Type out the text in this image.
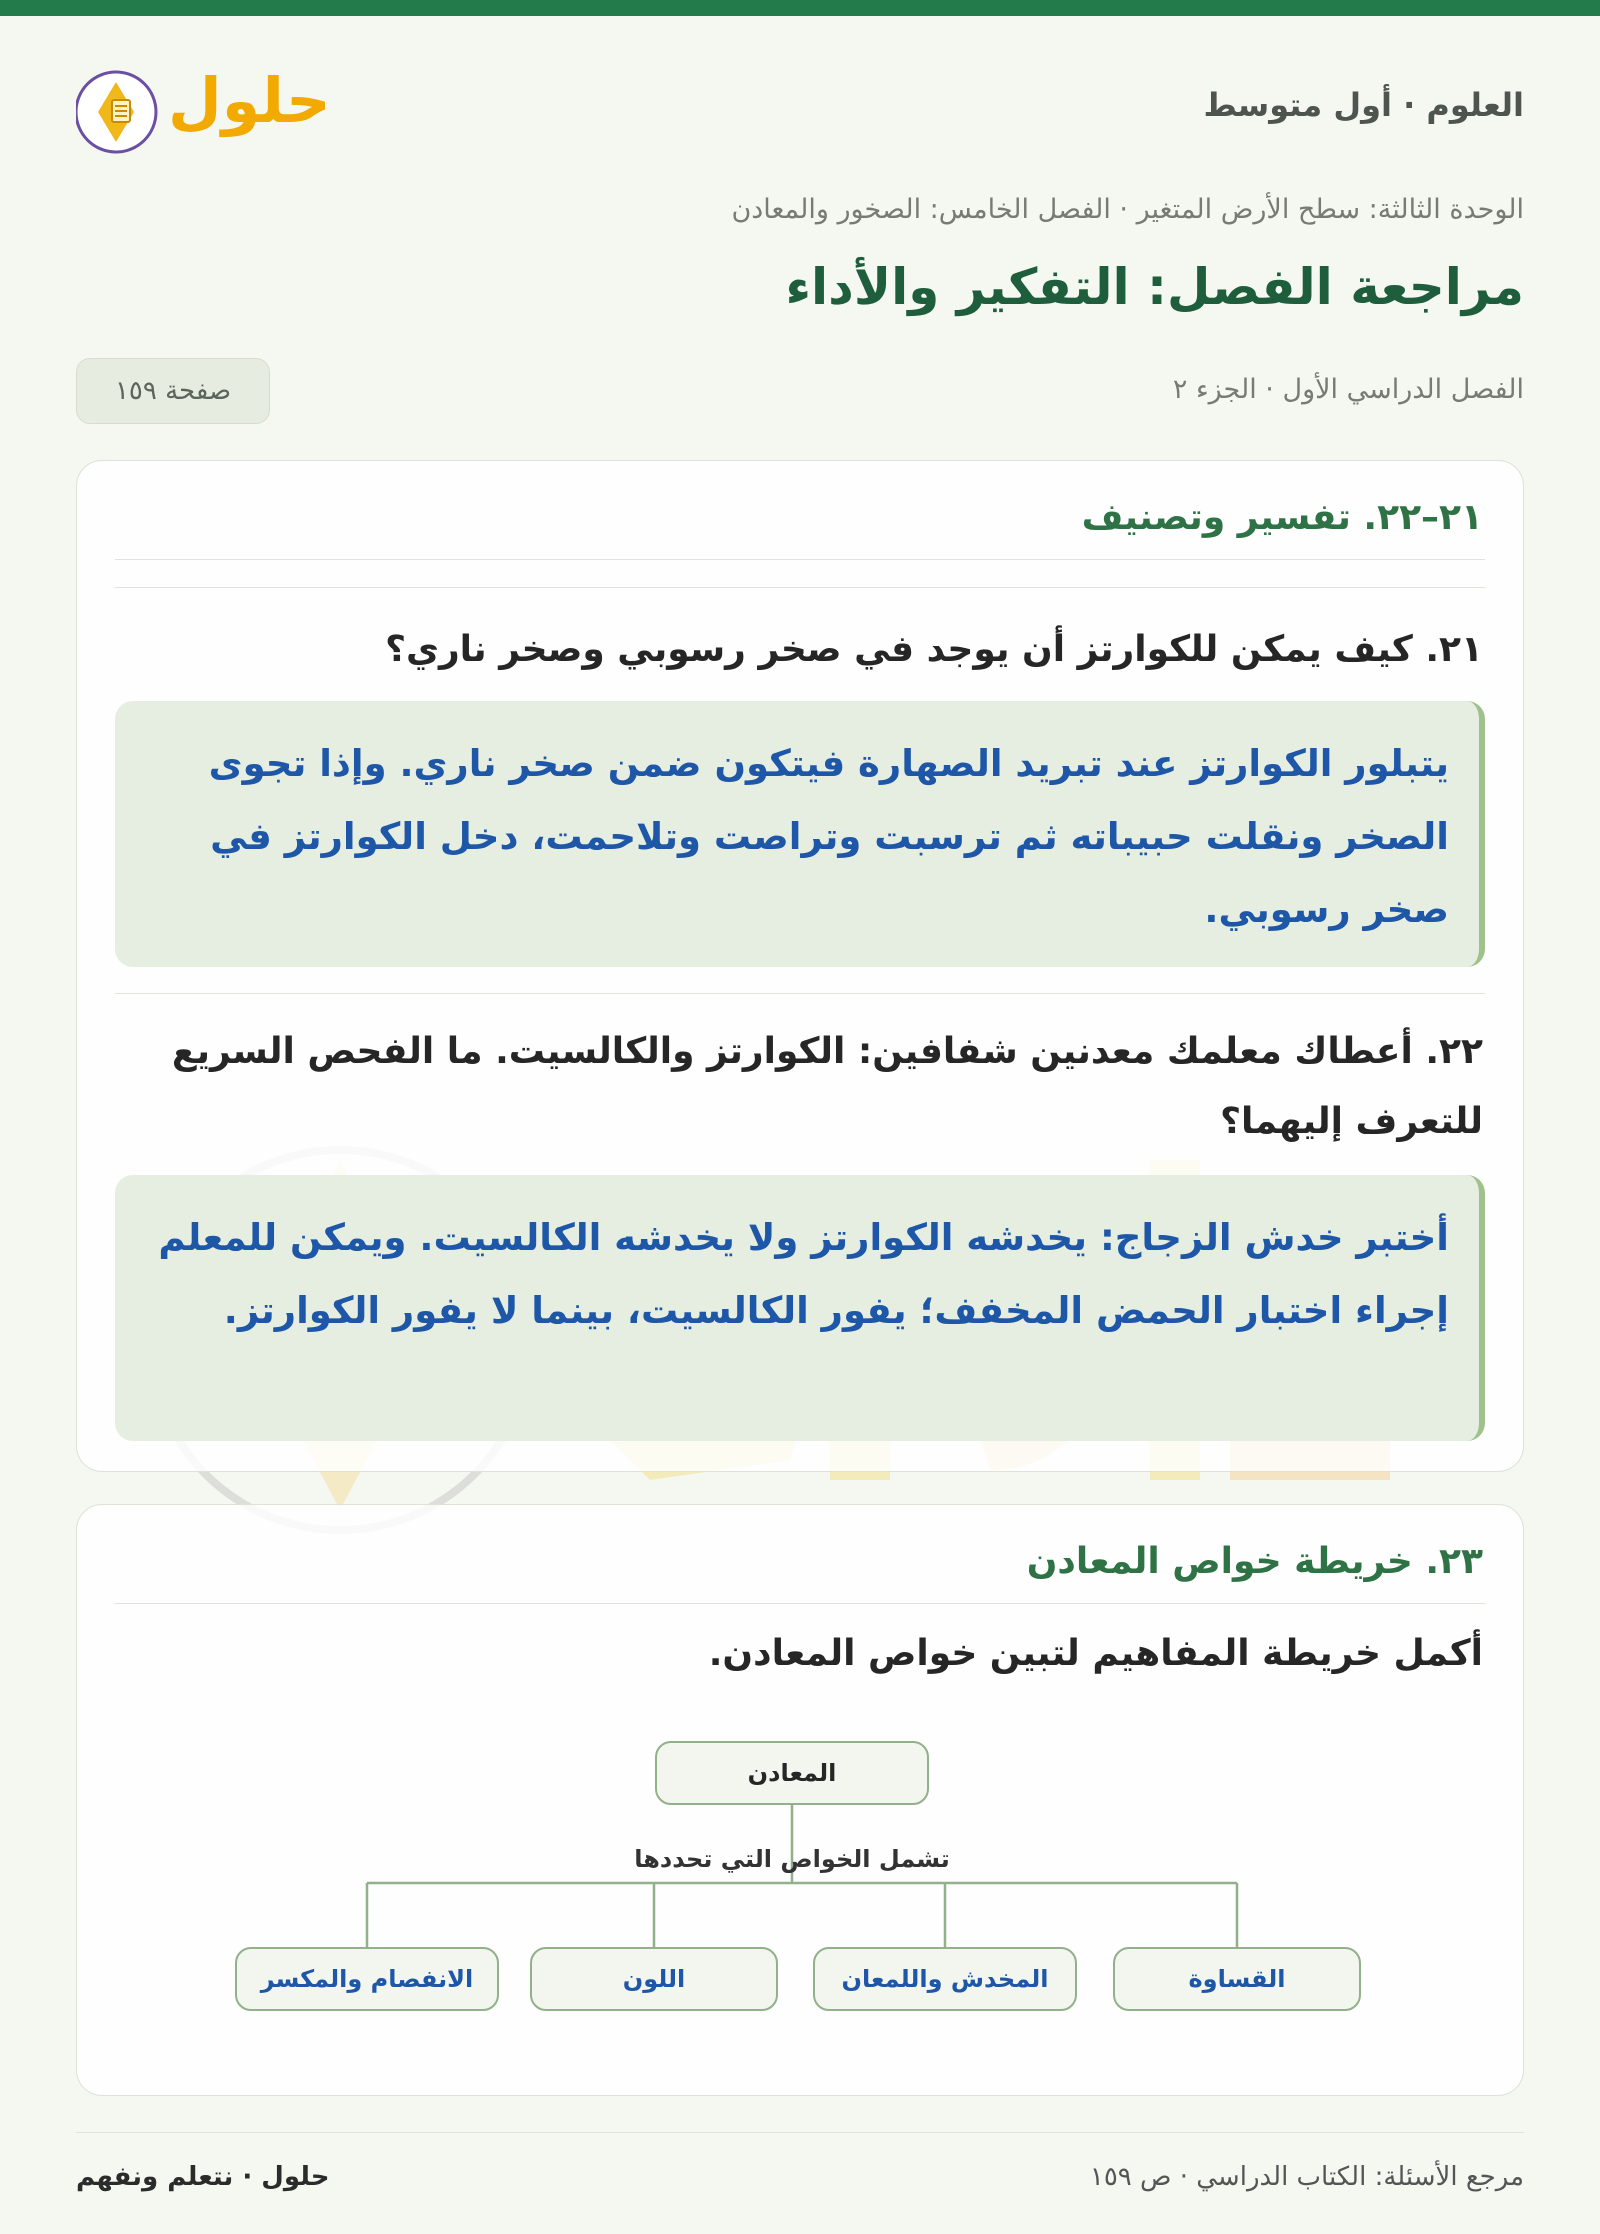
العلوم · أول متوسط
حلول
الوحدة الثالثة: سطح الأرض المتغير · الفصل الخامس: الصخور والمعادن
مراجعة الفصل: التفكير والأداء
الفصل الدراسي الأول · الجزء ٢
صفحة ١٥٩
٢١–٢٢. تفسير وتصنيف
٢١. كيف يمكن للكوارتز أن يوجد في صخر رسوبي وصخر ناري؟
يتبلور الكوارتز عند تبريد الصهارة فيتكون ضمن صخر ناري. وإذا تجوى الصخر ونقلت حبيباته ثم ترسبت وتراصت وتلاحمت، دخل الكوارتز في صخر رسوبي.
٢٢. أعطاك معلمك معدنين شفافين: الكوارتز والكالسيت. ما الفحص السريع للتعرف إليهما؟
أختبر خدش الزجاج: يخدشه الكوارتز ولا يخدشه الكالسيت. ويمكن للمعلم إجراء اختبار الحمض المخفف؛ يفور الكالسيت، بينما لا يفور الكوارتز.
٢٣. خريطة خواص المعادن
أكمل خريطة المفاهيم لتبين خواص المعادن.
المعادن
تشمل الخواص التي تحددها
القساوة
المخدش واللمعان
اللون
الانفصام والمكسر
مرجع الأسئلة: الكتاب الدراسي · ص ١٥٩
حلول · نتعلم ونفهم
